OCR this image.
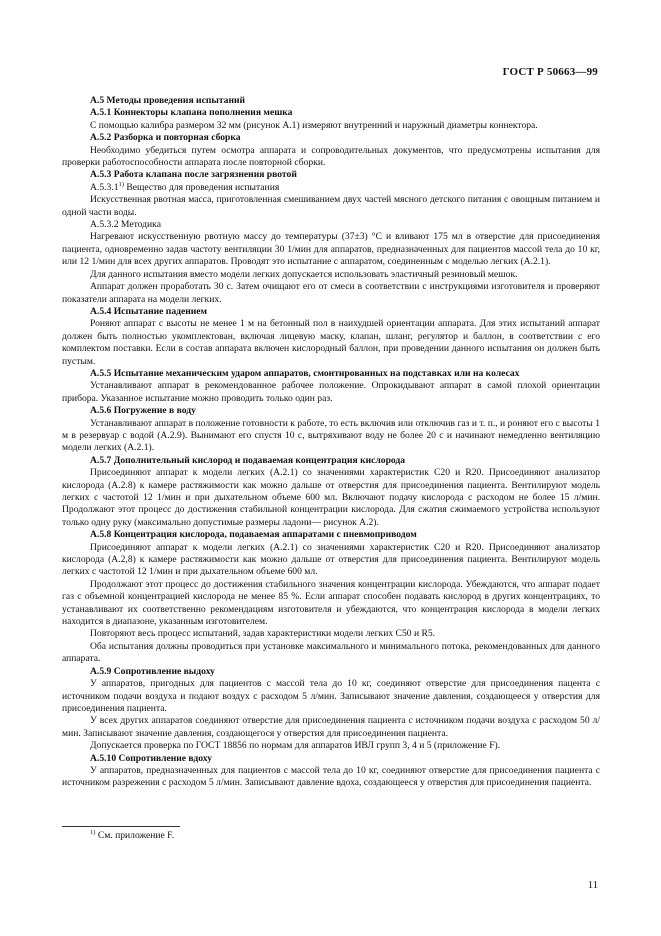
ГОСТ Р 50663—99

А.5 Методы проведения испытаний

А.5.1 Коннекторы клапана пополнения мешка

С помощью калибра размером 32 мм (рисунок А.1) измеряют внутренний и наружный диаметры коннектора.

А.5.2 Разборка и повторная сборка

Необходимо убедиться путем осмотра аппарата и сопроводительных документов, что предусмотрены испытания для проверки работоспособности аппарата после повторной сборки.

А.5.3 Работа клапана после загрязнения рвотой

А.5.3.1$^{1)}$ Вещество для проведения испытания

Искусственная рвотная масса, приготовленная смешиванием двух частей мясного детского питания с овощным питанием и одной части воды.

А.5.3.2 Методика

Нагревают искусственную рвотную массу до температуры (37±3) °С и вливают 175 мл в отверстие для присоединения пациента, одновременно задав частоту вентиляции 30 1/мин для аппаратов, предназначенных для пациентов массой тела до 10 кг, или 12 1/мин для всех других аппаратов. Проводят это испытание с аппаратом, соединенным с моделью легких (А.2.1).

Для данного испытания вместо модели легких допускается использовать эластичный резиновый мешок.

Аппарат должен проработать 30 с. Затем очищают его от смеси в соответствии с инструкциями изготовителя и проверяют показатели аппарата на модели легких.

А.5.4 Испытание падением

Роняют аппарат с высоты не менее 1 м на бетонный пол в наихудшей ориентации аппарата. Для этих испытаний аппарат должен быть полностью укомплектован, включая лицевую маску, клапан, шланг, регулятор и баллон, в соответствии с его комплектом поставки. Если в состав аппарата включен кислородный баллон, при проведении данного испытания он должен быть пустым.

А.5.5 Испытание механическим ударом аппаратов, смонтированных на подставках или на колесах

Устанавливают аппарат в рекомендованное рабочее положение. Опрокидывают аппарат в самой плохой ориентации прибора. Указанное испытание можно проводить только один раз.

А.5.6 Погружение в воду

Устанавливают аппарат в положение готовности к работе, то есть включив или отключив газ и т. п., и роняют его с высоты 1 м в резервуар с водой (А.2.9). Вынимают его спустя 10 с, вытряхивают воду не более 20 с и начинают немедленно вентиляцию модели легких (А.2.1).

А.5.7 Дополнительный кислород и подаваемая концентрация кислорода

Присоединяют аппарат к модели легких (А.2.1) со значениями характеристик C20 и R20. Присоединяют анализатор кислорода (А.2.8) к камере растяжимости как можно дальше от отверстия для присоединения пациента. Вентилируют модель легких с частотой 12 1/мин и при дыхательном объеме 600 мл. Включают подачу кислорода с расходом не более 15 л/мин. Продолжают этот процесс до достижения стабильной концентрации кислорода. Для сжатия сжимаемого устройства используют только одну руку (максимально допустимые размеры ладони— рисунок А.2).

А.5.8 Концентрация кислорода, подаваемая аппаратами с пневмоприводом

Присоединяют аппарат к модели легких (А.2.1) со значениями характеристик C20 и R20. Присоединяют анализатор кислорода (А.2,8) к камере растяжимости как можно дальше от отверстия для присоединения пациента. Вентилируют модель легких с частотой 12 1/мин и при дыхательном объеме 600 мл.

Продолжают этот процесс до достижения стабильного значения концентрации кислорода. Убеждаются, что аппарат подает газ с объемной концентрацией кислорода не менее 85 %. Если аппарат способен подавать кислород в других концентрациях, то устанавливают их соответственно рекомендациям изготовителя и убеждаются, что концентрация кислорода в модели легких находится в диапазоне, указанным изготовителем.

Повторяют весь процесс испытаний, задав характеристики модели легких C50 и R5.

Оба испытания должны проводиться при установке максимального и минимального потока, рекомендованных для данного аппарата.

А.5.9 Сопротивление выдоху

У аппаратов, пригодных для пациентов с массой тела до 10 кг, соединяют отверстие для присоединения пацента с источником подачи воздуха и подают воздух с расходом 5 л/мин. Записывают значение давления, создающееся у отверстия для присоединения пациента.

У всех других аппаратов соединяют отверстие для присоединения пациента с источником подачи воздуха с расходом 50 л/мин. Записывают значение давления, создающегося у отверстия для присоединения пациента.

Допускается проверка по ГОСТ 18856 по нормам для аппаратов ИВЛ групп 3, 4 и 5 (приложение F).

А.5.10 Сопротивление вдоху

У аппаратов, предназначенных для пациентов с массой тела до 10 кг, соединяют отверстие для присоединения пациента с источником разрежения с расходом 5 л/мин. Записывают давление вдоха, создающееся у отверстия для присоединения пациента.

$^{1)}$ См. приложение F.
11
